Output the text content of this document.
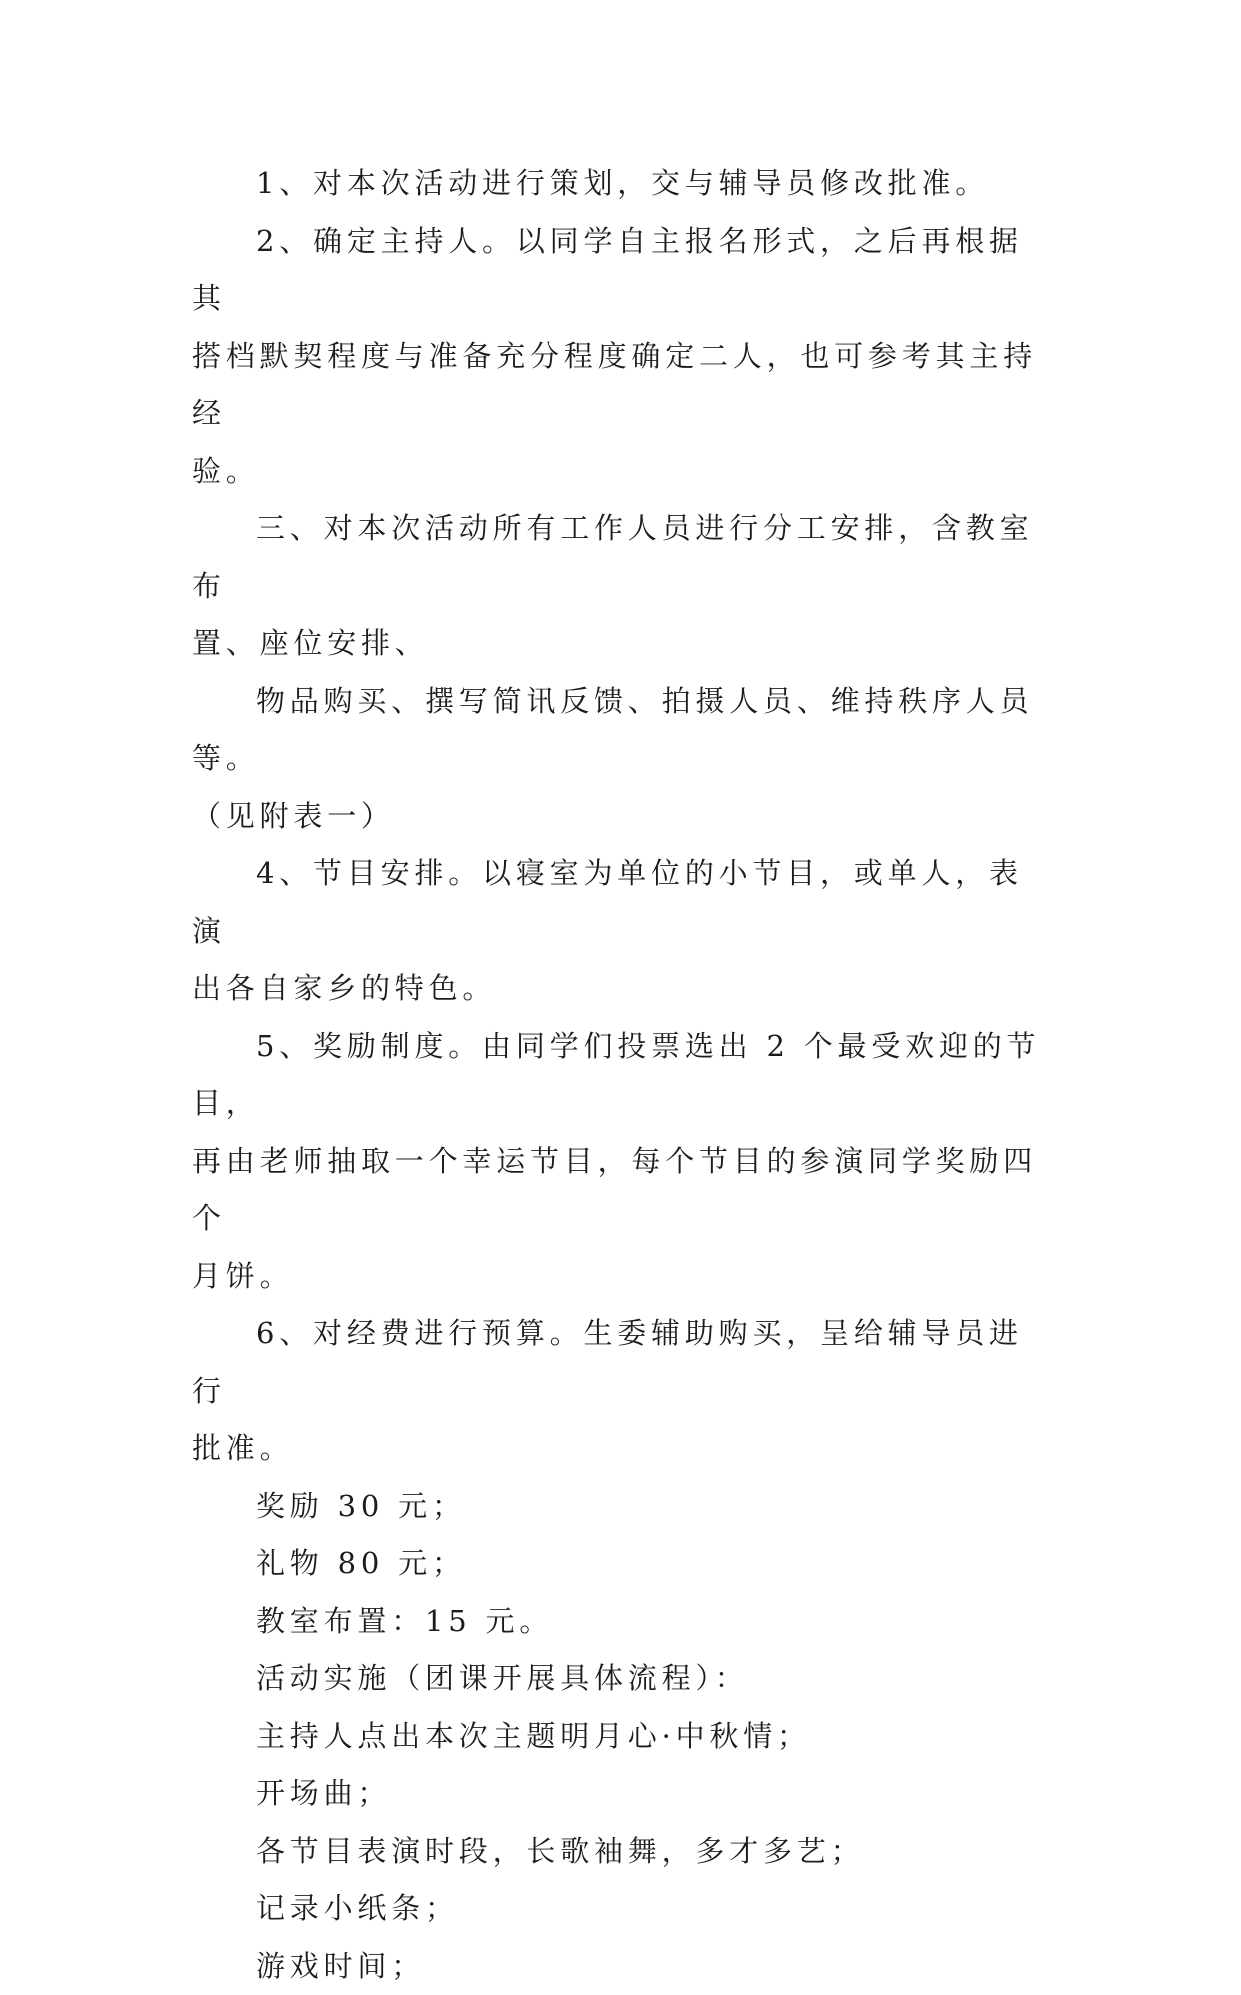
1、对本次活动进行策划，交与辅导员修改批准。

2、确定主持人。以同学自主报名形式，之后再根据其
搭档默契程度与准备充分程度确定二人，也可参考其主持经
验。

三、对本次活动所有工作人员进行分工安排，含教室布
置、座位安排、

物品购买、撰写简讯反馈、拍摄人员、维持秩序人员等。
（见附表一）

4、节目安排。以寝室为单位的小节目，或单人，表演
出各自家乡的特色。

5、奖励制度。由同学们投票选出 2 个最受欢迎的节目，
再由老师抽取一个幸运节目，每个节目的参演同学奖励四个
月饼。

6、对经费进行预算。生委辅助购买，呈给辅导员进行
批准。

奖励 30 元；

礼物 80 元；

教室布置：15 元。

活动实施（团课开展具体流程）：

主持人点出本次主题明月心·中秋情；

开场曲；

各节目表演时段，长歌袖舞，多才多艺；

记录小纸条；

游戏时间；
